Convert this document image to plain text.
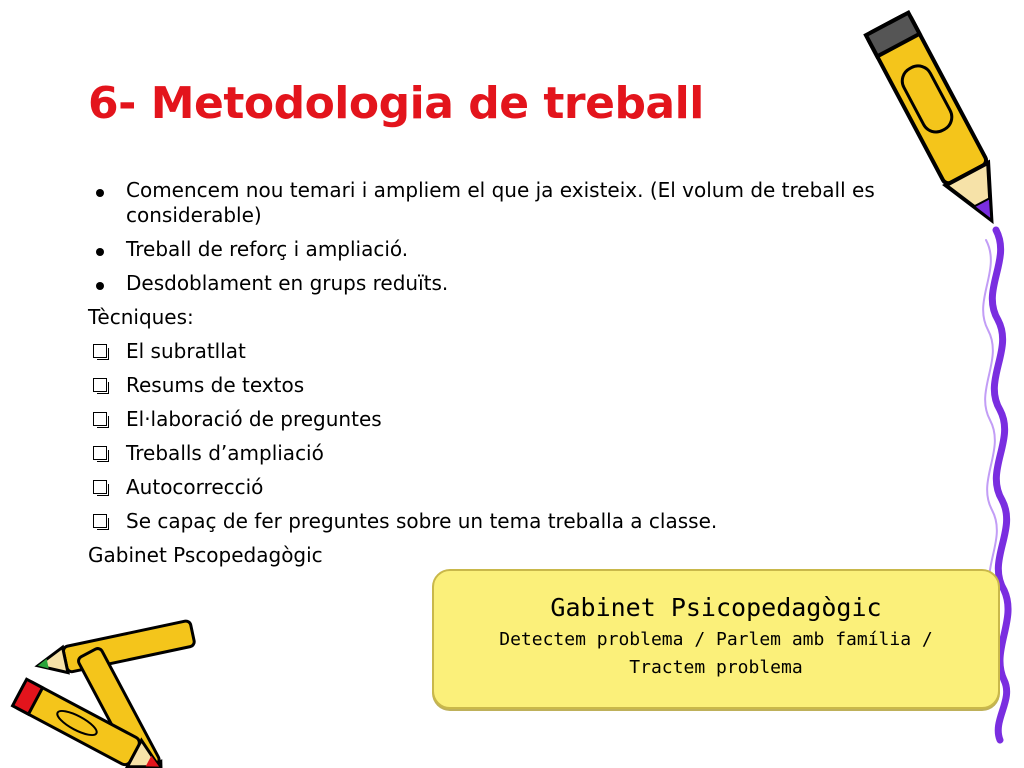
6- Metodologia de treball
Comencem nou temari i ampliem el que ja existeix. (El volum de treball es considerable)
Treball de reforç i ampliació.
Desdoblament en grups reduïts.
Tècniques:
El subratllat
Resums de textos
El·laboració de preguntes
Treballs d’ampliació
Autocorrecció
Se capaç de fer preguntes sobre un tema treballa a classe.
Gabinet Pscopedagògic
Gabinet Psicopedagògic
Detectem problema / Parlem amb família /
Tractem problema
